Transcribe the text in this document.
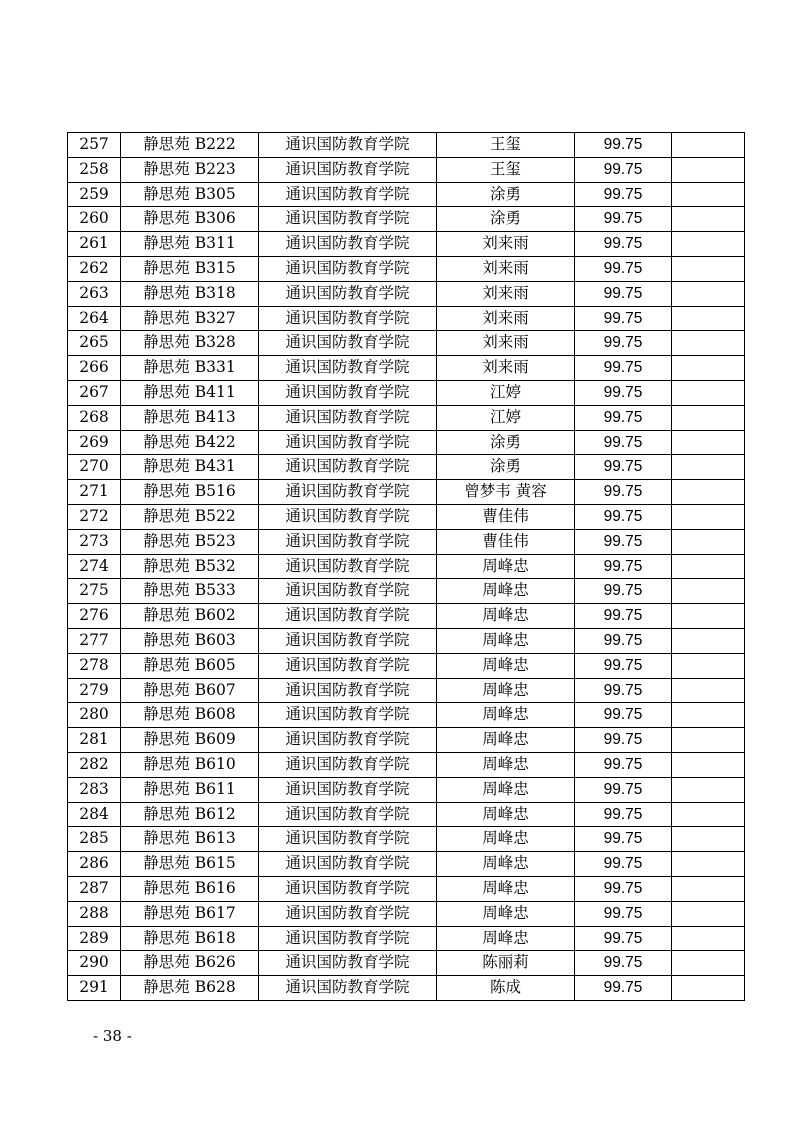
257	静思苑 B222	通识国防教育学院	王玺	99.75	
258	静思苑 B223	通识国防教育学院	王玺	99.75	
259	静思苑 B305	通识国防教育学院	涂勇	99.75	
260	静思苑 B306	通识国防教育学院	涂勇	99.75	
261	静思苑 B311	通识国防教育学院	刘来雨	99.75	
262	静思苑 B315	通识国防教育学院	刘来雨	99.75	
263	静思苑 B318	通识国防教育学院	刘来雨	99.75	
264	静思苑 B327	通识国防教育学院	刘来雨	99.75	
265	静思苑 B328	通识国防教育学院	刘来雨	99.75	
266	静思苑 B331	通识国防教育学院	刘来雨	99.75	
267	静思苑 B411	通识国防教育学院	江婷	99.75	
268	静思苑 B413	通识国防教育学院	江婷	99.75	
269	静思苑 B422	通识国防教育学院	涂勇	99.75	
270	静思苑 B431	通识国防教育学院	涂勇	99.75	
271	静思苑 B516	通识国防教育学院	曾梦韦 黄容	99.75	
272	静思苑 B522	通识国防教育学院	曹佳伟	99.75	
273	静思苑 B523	通识国防教育学院	曹佳伟	99.75	
274	静思苑 B532	通识国防教育学院	周峰忠	99.75	
275	静思苑 B533	通识国防教育学院	周峰忠	99.75	
276	静思苑 B602	通识国防教育学院	周峰忠	99.75	
277	静思苑 B603	通识国防教育学院	周峰忠	99.75	
278	静思苑 B605	通识国防教育学院	周峰忠	99.75	
279	静思苑 B607	通识国防教育学院	周峰忠	99.75	
280	静思苑 B608	通识国防教育学院	周峰忠	99.75	
281	静思苑 B609	通识国防教育学院	周峰忠	99.75	
282	静思苑 B610	通识国防教育学院	周峰忠	99.75	
283	静思苑 B611	通识国防教育学院	周峰忠	99.75	
284	静思苑 B612	通识国防教育学院	周峰忠	99.75	
285	静思苑 B613	通识国防教育学院	周峰忠	99.75	
286	静思苑 B615	通识国防教育学院	周峰忠	99.75	
287	静思苑 B616	通识国防教育学院	周峰忠	99.75	
288	静思苑 B617	通识国防教育学院	周峰忠	99.75	
289	静思苑 B618	通识国防教育学院	周峰忠	99.75	
290	静思苑 B626	通识国防教育学院	陈丽莉	99.75	
291	静思苑 B628	通识国防教育学院	陈成	99.75	
- 38 -
